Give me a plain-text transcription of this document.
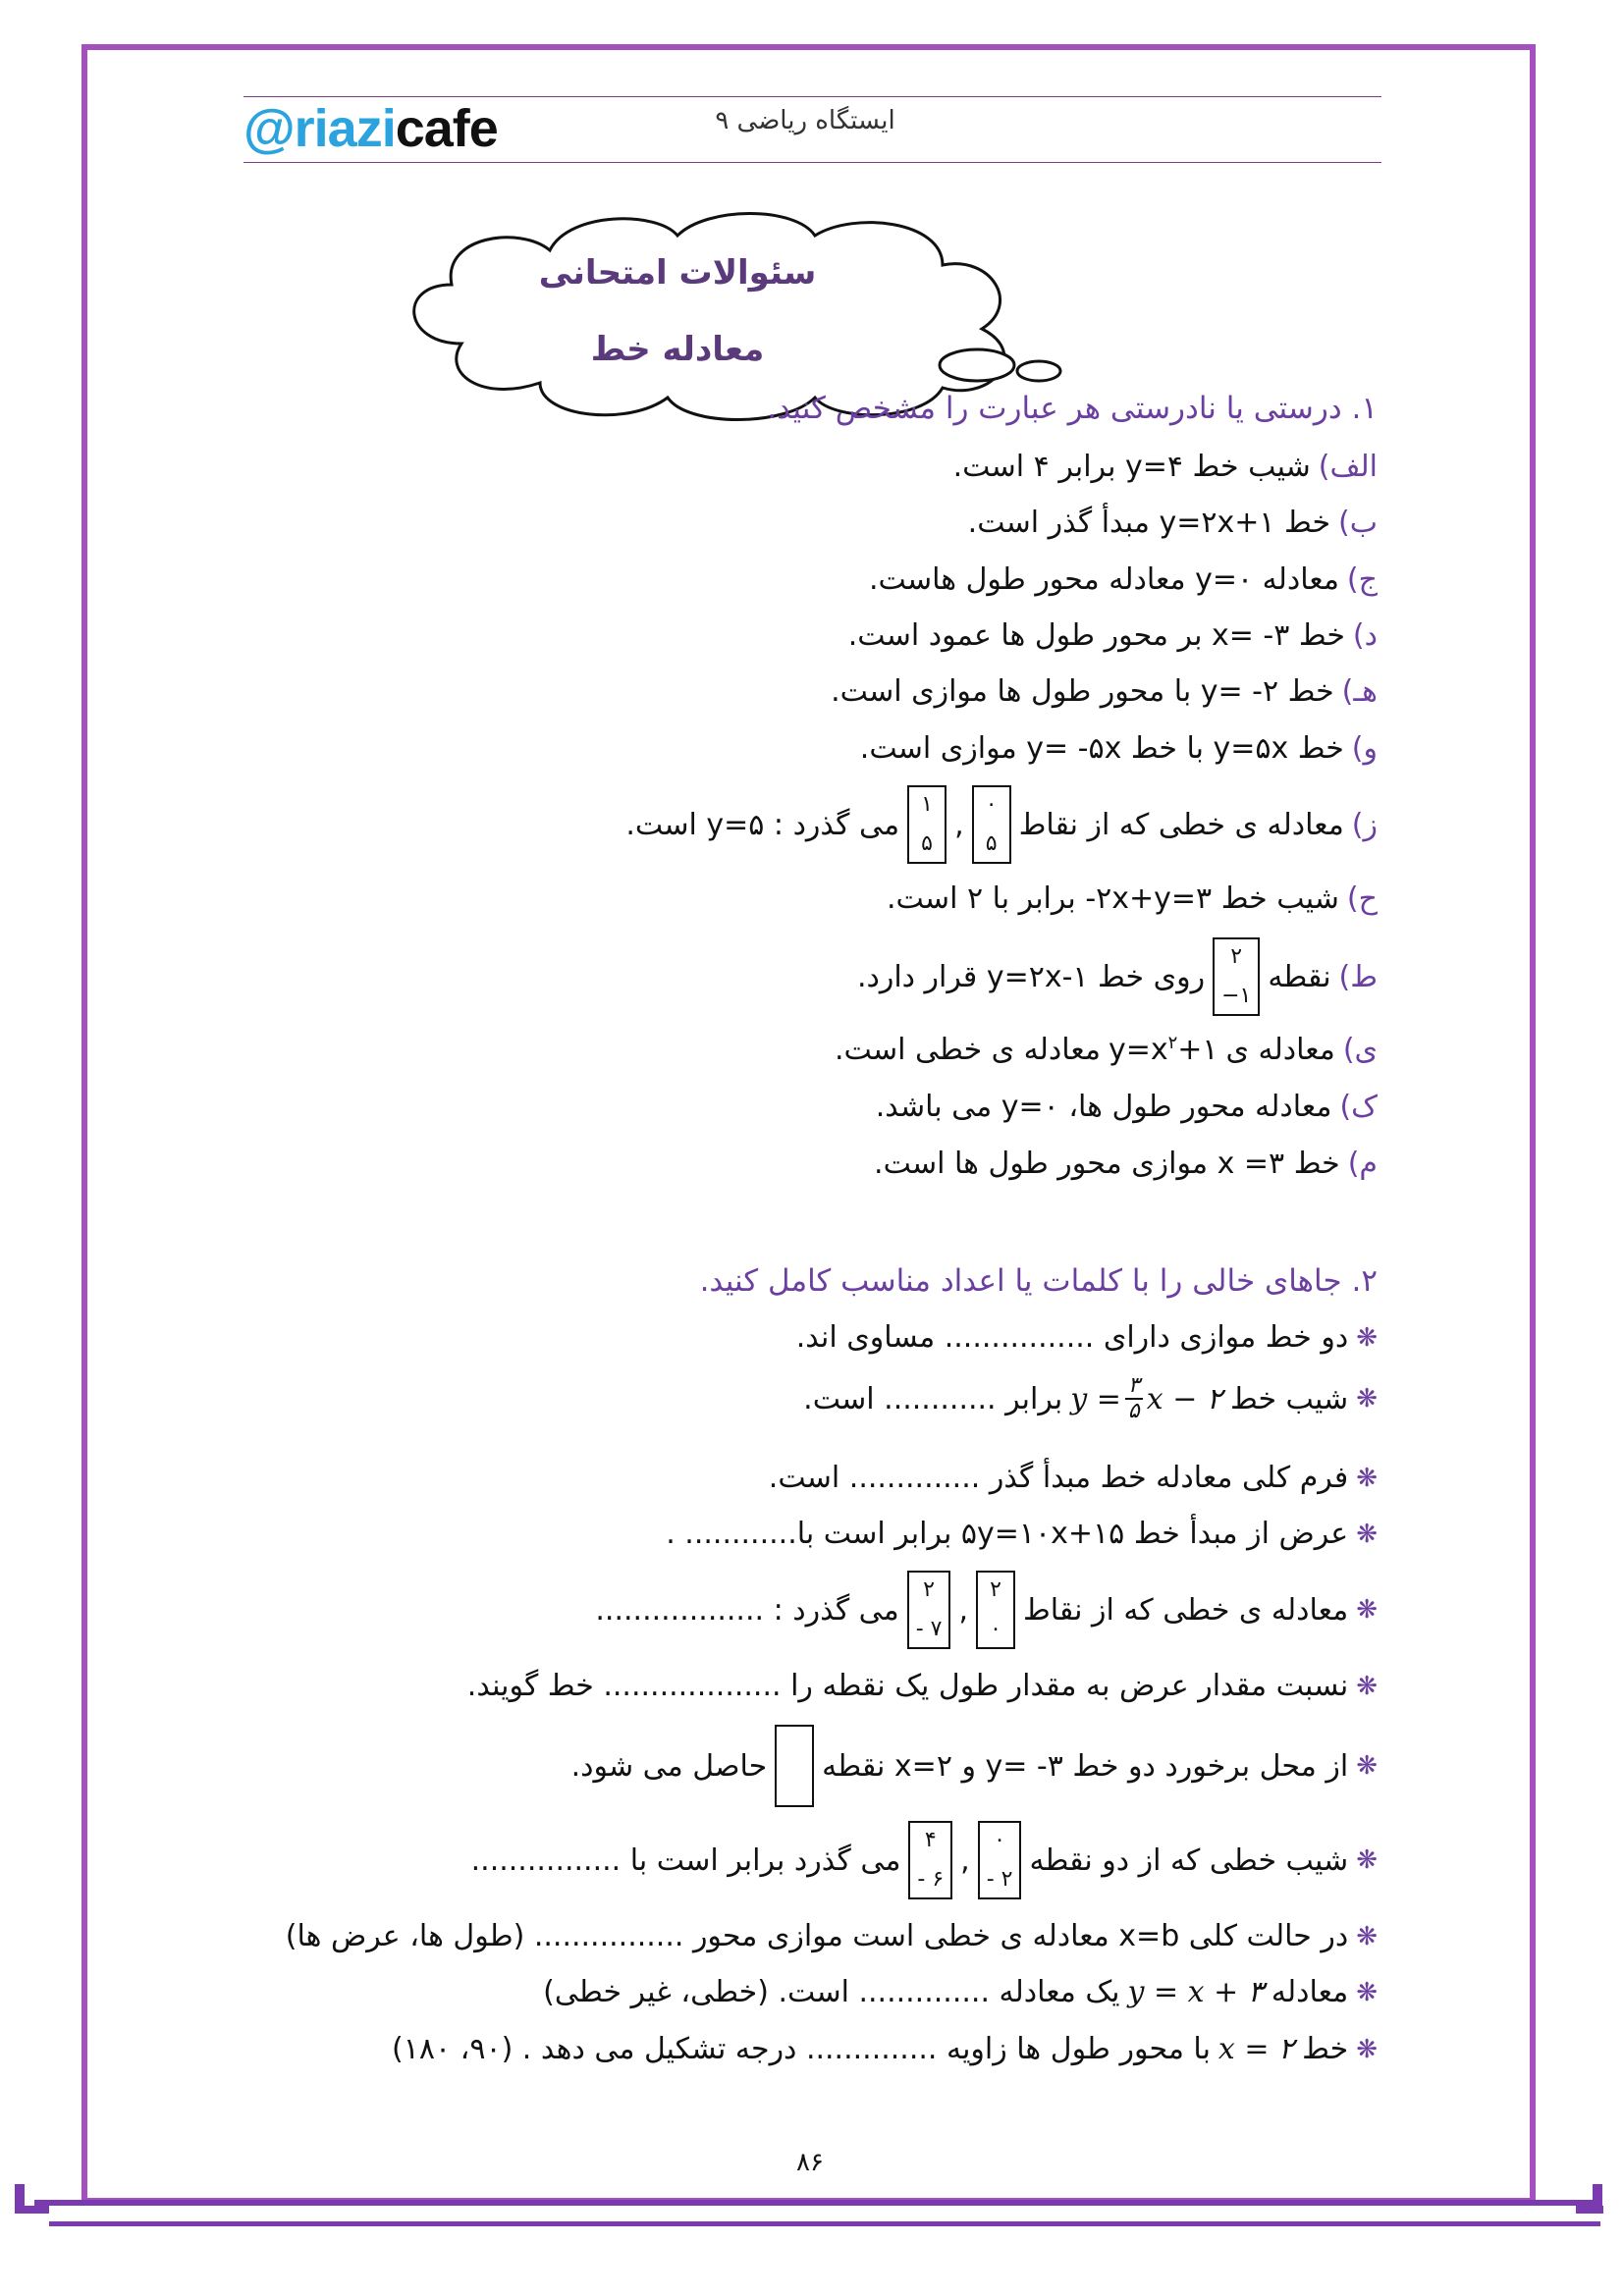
@riazicafe	ایستگاه ریاضی ۹
سئوالات امتحانی
معادله خط
۱. درستی یا نادرستی هر عبارت را مشخص کنید.
الف)
شیب خط y=۴ برابر ۴ است.
ب)
خط y=۲x+۱ مبدأ گذر است.
ج)
معادله y=۰ معادله محور طول هاست.
د)
خط x= -۳ بر محور طول ها عمود است.
هـ)
خط y= -۲ با محور طول ها موازی است.
و)
خط y=۵x با خط y= -۵x موازی است.
ز)
معادله ی خطی که از نقاط
۰
۵
,
۱
۵
می گذرد : y=۵ است.
ح)
شیب خط ۲x+y=۳- برابر با ۲ است.
ط)
نقطه
۲
−۱
روی خط y=۲x-۱ قرار دارد.
ی)
معادله ی
$y=x^۲+۱$
معادله ی خطی است.
ک)
معادله محور طول ها، y=۰ می باشد.
م)
خط x =۳ موازی محور طول ها است.
۲. جاهای خالی را با کلمات یا اعداد مناسب کامل کنید.
❋
دو خط موازی دارای ................ مساوی اند.
❋
شیب خط
$y = \frac{۳}{۵}$ x − ۲
برابر ............ است.
❋
فرم کلی معادله خط مبدأ گذر .............. است.
❋
عرض از مبدأ خط ۵y=۱۰x+۱۵ برابر است با............ .
❋
معادله ی خطی که از نقاط
۲
۰
,
۲
- ۷
می گذرد : ..................
❋
نسبت مقدار عرض به مقدار طول یک نقطه را ................... خط گویند.
❋
از محل برخورد دو خط y= -۳ و x=۲ نقطه
حاصل می شود.
❋
شیب خطی که از دو نقطه
۰
- ۲
,
۴
- ۶
می گذرد برابر است با ................
❋
در حالت کلی x=b معادله ی خطی است موازی محور ................ (طول ها، عرض ها)
❋
معادله
y = x + ۳
یک معادله .............. است. (خطی، غیر خطی)
❋
خط
x = ۲
با محور طول ها زاویه .............. درجه تشکیل می دهد . (۹۰، ۱۸۰)
۸۶
